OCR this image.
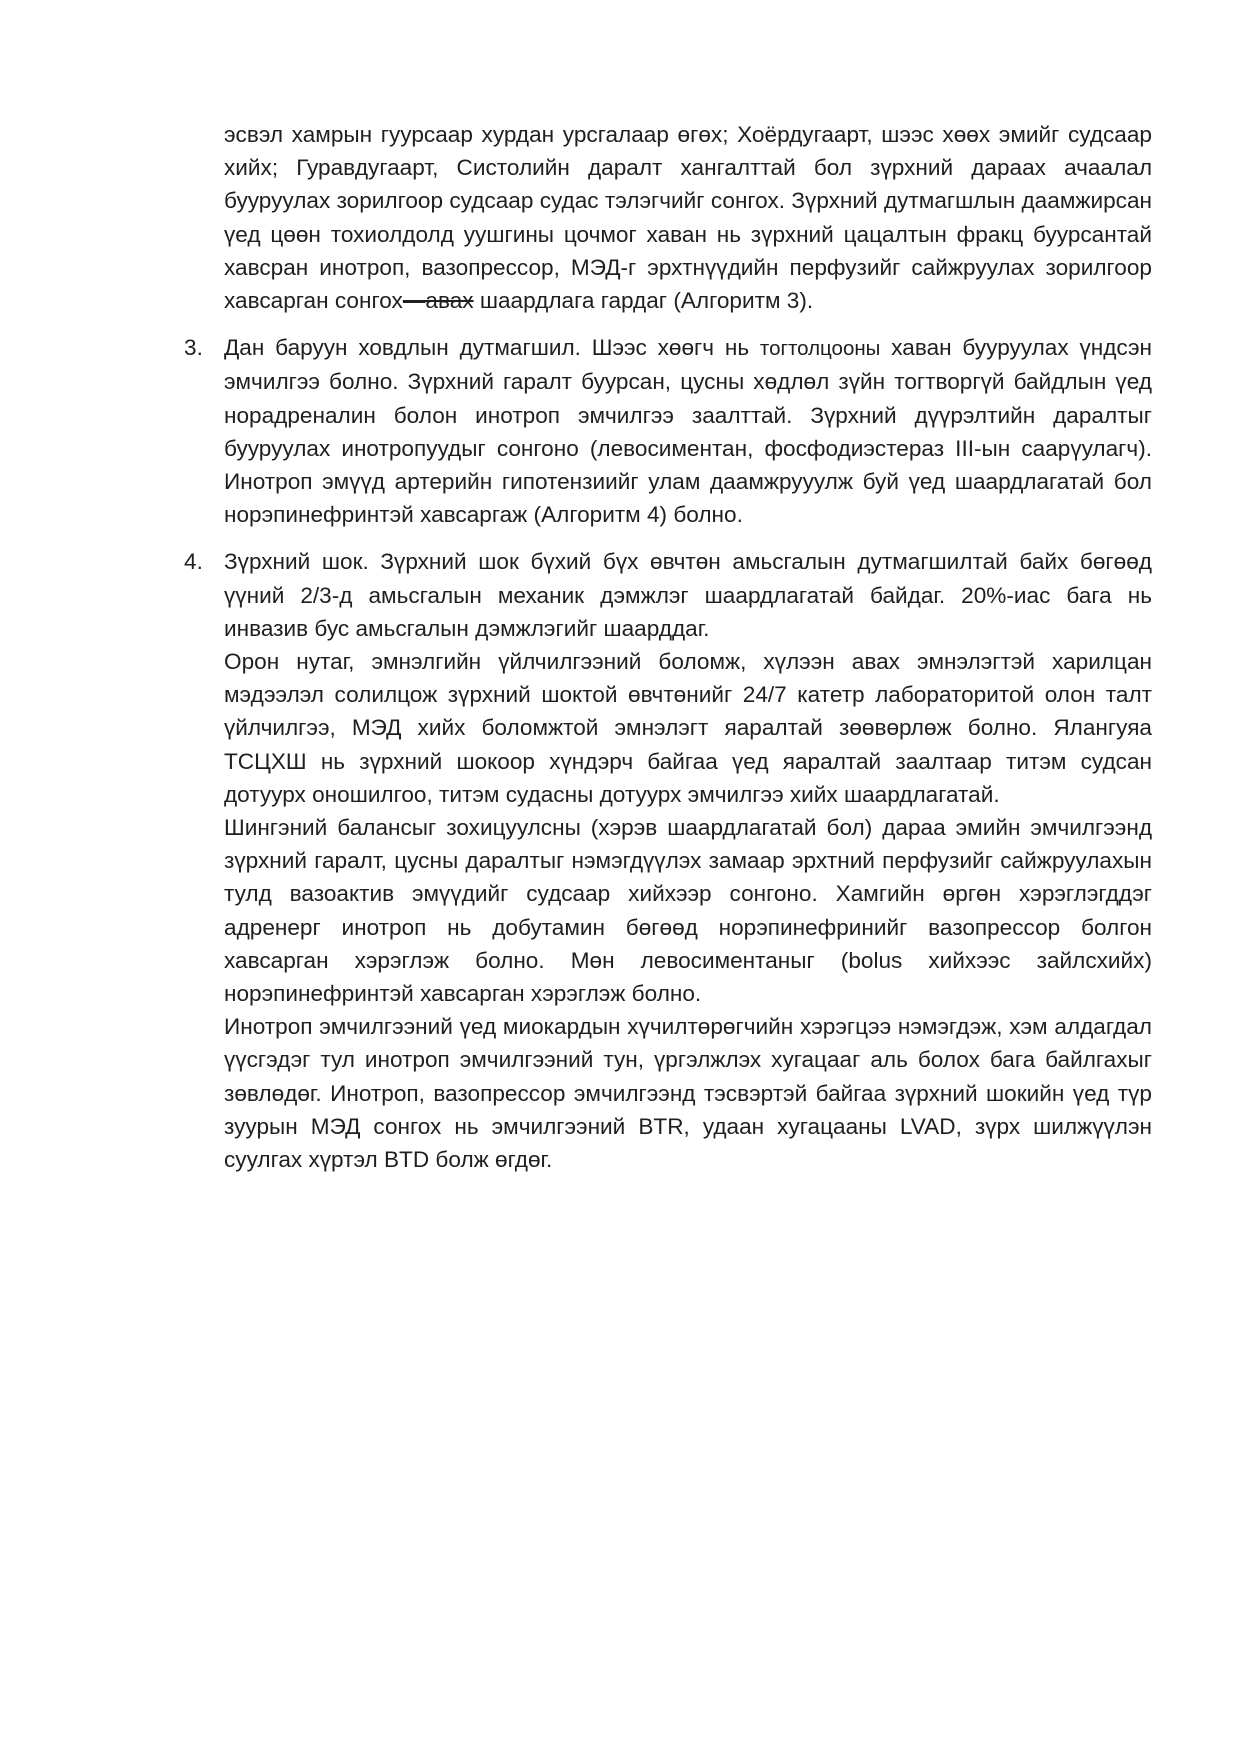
эсвэл хамрын гуурсаар хурдан урсгалаар өгөх; Хоёрдугаарт, шээс хөөх эмийг судсаар хийх; Гуравдугаарт, Систолийн даралт хангалттай бол зүрхний дараах ачаалал бууруулах зорилгоор судсаар судас тэлэгчийг сонгох. Зүрхний дутмагшлын даамжирсан үед цөөн тохиолдолд уушгины цочмог хаван нь зүрхний цацалтын фракц буурсантай хавсран инотроп, вазопрессор, МЭД-г эрхтнүүдийн перфузийг сайжруулах зорилгоор хавсарган сонгох—авах шаардлага гардаг (Алгоритм 3).

3. Дан баруун ховдлын дутмагшил. Шээс хөөгч нь тогтолцооны хаван бууруулах үндсэн эмчилгээ болно. Зүрхний гаралт буурсан, цусны хөдлөл зүйн тогтворгүй байдлын үед норадреналин болон инотроп эмчилгээ заалттай. Зүрхний дүүрэлтийн даралтыг бууруулах инотропуудыг сонгоно (левосиментан, фосфодиэстераз III-ын саарүулагч). Инотроп эмүүд артерийн гипотензиийг улам даамжрууулж буй үед шаардлагатай бол норэпинефринтэй хавсаргаж (Алгоритм 4) болно.

4. Зүрхний шок. Зүрхний шок бүхий бүх өвчтөн амьсгалын дутмагшилтай байх бөгөөд үүний 2/3-д амьсгалын механик дэмжлэг шаардлагатай байдаг. 20%-иас бага нь инвазив бус амьсгалын дэмжлэгийг шаарддаг.

Орон нутаг, эмнэлгийн үйлчилгээний боломж, хүлээн авах эмнэлэгтэй харилцан мэдээлэл солилцож зүрхний шоктой өвчтөнийг 24/7 катетр лабораторитой олон талт үйлчилгээ, МЭД хийх боломжтой эмнэлэгт яаралтай зөөвөрлөж болно. Ялангуяа ТСЦХШ нь зүрхний шокоор хүндэрч байгаа үед яаралтай заалтаар титэм судсан дотуурх оношилгоо, титэм судасны дотуурх эмчилгээ хийх шаардлагатай.

Шингэний балансыг зохицуулсны (хэрэв шаардлагатай бол) дараа эмийн эмчилгээнд зүрхний гаралт, цусны даралтыг нэмэгдүүлэх замаар эрхтний перфузийг сайжруулахын тулд вазоактив эмүүдийг судсаар хийхээр сонгоно. Хамгийн өргөн хэрэглэгддэг адренерг инотроп нь добутамин бөгөөд норэпинефринийг вазопрессор болгон хавсарган хэрэглэж болно. Мөн левосиментаныг (bolus хийхээс зайлсхийх) норэпинефринтэй хавсарган хэрэглэж болно.

Инотроп эмчилгээний үед миокардын хүчилтөрөгчийн хэрэгцээ нэмэгдэж, хэм алдагдал үүсгэдэг тул инотроп эмчилгээний тун, үргэлжлэх хугацааг аль болох бага байлгахыг зөвлөдөг. Инотроп, вазопрессор эмчилгээнд тэсвэртэй байгаа зүрхний шокийн үед түр зуурын МЭД сонгох нь эмчилгээний BTR, удаан хугацааны LVAD, зүрх шилжүүлэн суулгах хүртэл BTD болж өгдөг.
